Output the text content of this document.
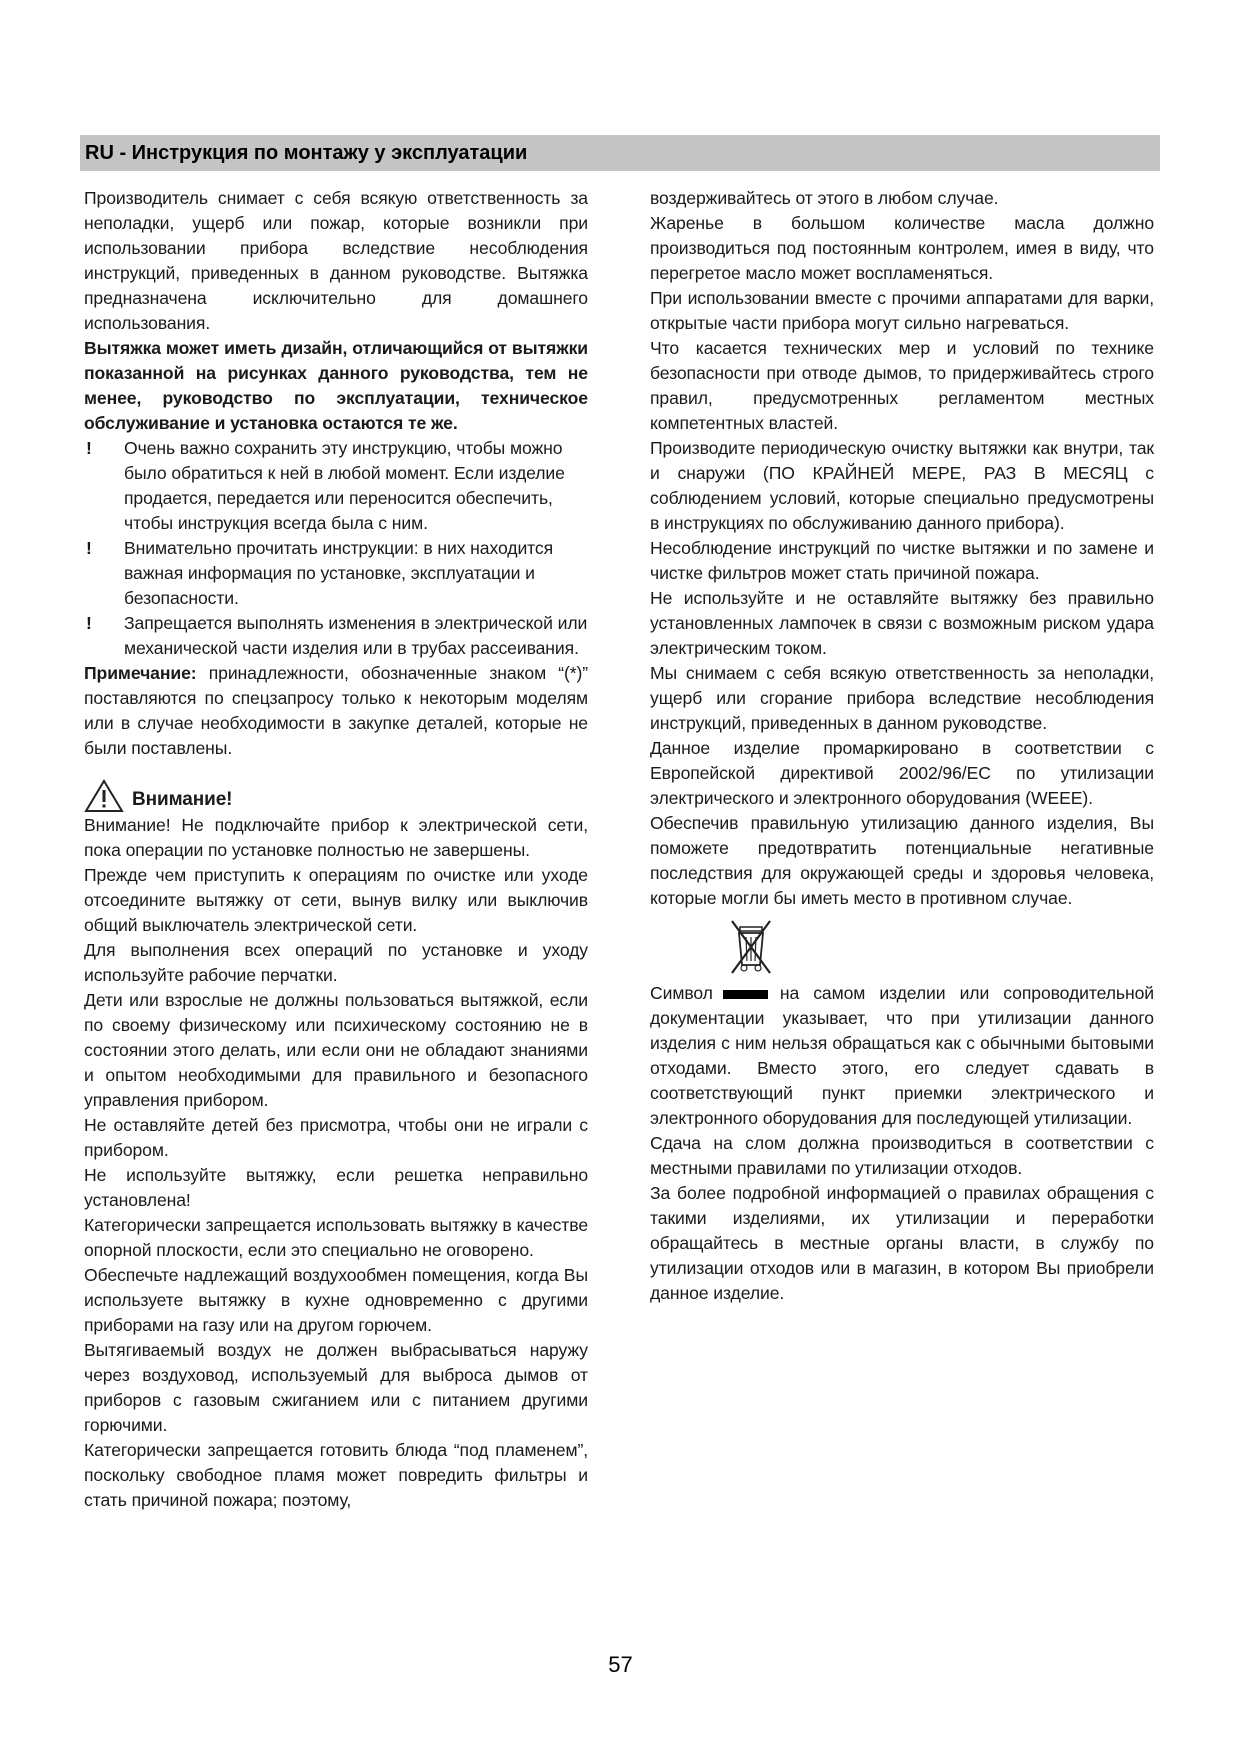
RU - Инструкция по монтажу у эксплуатации

Производитель снимает с себя всякую ответственность за неполадки, ущерб или пожар, которые возникли при использовании прибора вследствие несоблюдения инструкций, приведенных в данном руководстве. Вытяжка предназначена исключительно для домашнего использования.

Вытяжка может иметь дизайн, отличающийся от вытяжки показанной на рисунках данного руководства, тем не менее, руководство по эксплуатации, техническое обслуживание и установка остаются те же.

! Очень важно сохранить эту инструкцию, чтобы можно было обратиться к ней в любой момент. Если изделие продается, передается или переносится обеспечить, чтобы инструкция всегда была с ним.

! Внимательно прочитать инструкции: в них находится важная информация по установке, эксплуатации и безопасности.

! Запрещается выполнять изменения в электрической или механической части изделия или в трубах рассеивания.

Примечание: принадлежности, обозначенные знаком “(*)” поставляются по спецзапросу только к некоторым моделям или в случае необходимости в закупке деталей, которые не были поставлены.

Внимание!

Внимание! Не подключайте прибор к электрической сети, пока операции по установке полностью не завершены.

Прежде чем приступить к операциям по очистке или уходе отсоедините вытяжку от сети, вынув вилку или выключив общий выключатель электрической сети.

Для выполнения всех операций по установке и уходу используйте рабочие перчатки.

Дети или взрослые не должны пользоваться вытяжкой, если по своему физическому или психическому состоянию не в состоянии этого делать, или если они не обладают знаниями и опытом необходимыми для правильного и безопасного управления прибором.

Не оставляйте детей без присмотра, чтобы они не играли с прибором.

Не используйте вытяжку, если решетка неправильно установлена!

Категорически запрещается использовать вытяжку в качестве опорной плоскости, если это специально не оговорено.

Обеспечьте надлежащий воздухообмен помещения, когда Вы используете вытяжку в кухне одновременно с другими приборами на газу или на другом горючем.

Вытягиваемый воздух не должен выбрасываться наружу через воздуховод, используемый для выброса дымов от приборов с газовым сжиганием или с питанием другими горючими.

Категорически запрещается готовить блюда “под пламенем”, поскольку свободное пламя может повредить фильтры и стать причиной пожара; поэтому,

воздерживайтесь от этого в любом случае.

Жаренье в большом количестве масла должно производиться под постоянным контролем, имея в виду, что перегретое масло может воспламеняться.

При использовании вместе с прочими аппаратами для варки, открытые части прибора могут сильно нагреваться.

Что касается технических мер и условий по технике безопасности при отводе дымов, то придерживайтесь строго правил, предусмотренных регламентом местных компетентных властей.

Производите периодическую очистку вытяжки как внутри, так и снаружи (ПО КРАЙНЕЙ МЕРЕ, РАЗ В МЕСЯЦ с соблюдением условий, которые специально предусмотрены в инструкциях по обслуживанию данного прибора).

Несоблюдение инструкций по чистке вытяжки и по замене и чистке фильтров может стать причиной пожара.

Не используйте и не оставляйте вытяжку без правильно установленных лампочек в связи с возможным риском удара электрическим током.

Мы снимаем с себя всякую ответственность за неполадки, ущерб или сгорание прибора вследствие несоблюдения инструкций, приведенных в данном руководстве.

Данное изделие промаркировано в соответствии с Европейской директивой 2002/96/ЕС по утилизации электрического и электронного оборудования (WEEE).

Обеспечив правильную утилизацию данного изделия, Вы поможете предотвратить потенциальные негативные последствия для окружающей среды и здоровья человека, которые могли бы иметь место в противном случае.

Символ	на самом изделии или сопроводительной документации указывает, что при утилизации данного изделия с ним нельзя обращаться как с обычными бытовыми отходами. Вместо этого, его следует сдавать в соответствующий пункт приемки электрического и электронного оборудования для последующей утилизации.

Сдача на слом должна производиться в соответствии с местными правилами по утилизации отходов.

За более подробной информацией о правилах обращения с такими изделиями, их утилизации и переработки обращайтесь в местные органы власти, в службу по утилизации отходов или в магазин, в котором Вы приобрели данное изделие.

57
